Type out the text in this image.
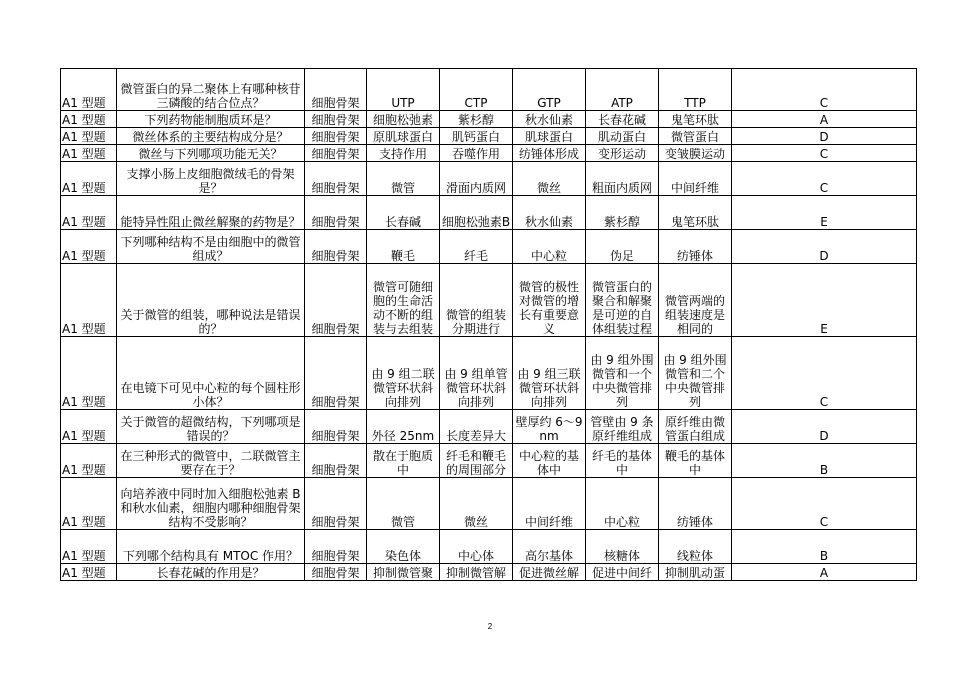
A1 型题	微管蛋白的异二聚体上有哪种核苷三磷酸的结合位点？	细胞骨架	UTP	CTP	GTP	ATP	TTP	C
A1 型题	下列药物能制胞质环是？	细胞骨架	细胞松弛素	紫杉醇	秋水仙素	长春花碱	鬼笔环肽	A
A1 型题	微丝体系的主要结构成分是？	细胞骨架	原肌球蛋白	肌钙蛋白	肌球蛋白	肌动蛋白	微管蛋白	D
A1 型题	微丝与下列哪项功能无关？	细胞骨架	支持作用	吞噬作用	纺锤体形成	变形运动	变皱膜运动	C
A1 型题	支撑小肠上皮细胞微绒毛的骨架是？	细胞骨架	微管	滑面内质网	微丝	粗面内质网	中间纤维	C
A1 型题	能特异性阻止微丝解聚的药物是？	细胞骨架	长春碱	细胞松弛素B	秋水仙素	紫杉醇	鬼笔环肽	E
A1 型题	下列哪种结构不是由细胞中的微管组成？	细胞骨架	鞭毛	纤毛	中心粒	伪足	纺锤体	D
A1 型题	关于微管的组装，哪种说法是错误的？	细胞骨架	微管可随细胞的生命活动不断的组装与去组装	微管的组装分期进行	微管的极性对微管的增长有重要意义	微管蛋白的聚合和解聚是可逆的自体组装过程	微管两端的组装速度是相同的	E
A1 型题	在电镜下可见中心粒的每个圆柱形小体？	细胞骨架	由 9 组二联微管环状斜向排列	由 9 组单管微管环状斜向排列	由 9 组三联微管环状斜向排列	由 9 组外围微管和一个中央微管排列	由 9 组外围微管和二个中央微管排列	C
A1 型题	关于微管的超微结构，下列哪项是错误的？	细胞骨架	外径 25nm	长度差异大	壁厚约 6～9nm	管壁由 9 条原纤维组成	原纤维由微管蛋白组成	D
A1 型题	在三种形式的微管中，二联微管主要存在于？	细胞骨架	散在于胞质中	纤毛和鞭毛的周围部分	中心粒的基体中	纤毛的基体中	鞭毛的基体中	B
A1 型题	向培养液中同时加入细胞松弛素 B 和秋水仙素，细胞内哪种细胞骨架结构不受影响？	细胞骨架	微管	微丝	中间纤维	中心粒	纺锤体	C
A1 型题	下列哪个结构具有 MTOC 作用？	细胞骨架	染色体	中心体	高尔基体	核糖体	线粒体	B
A1 型题	长春花碱的作用是？	细胞骨架	抑制微管聚	抑制微管解	促进微丝解	促进中间纤	抑制肌动蛋	A
2
